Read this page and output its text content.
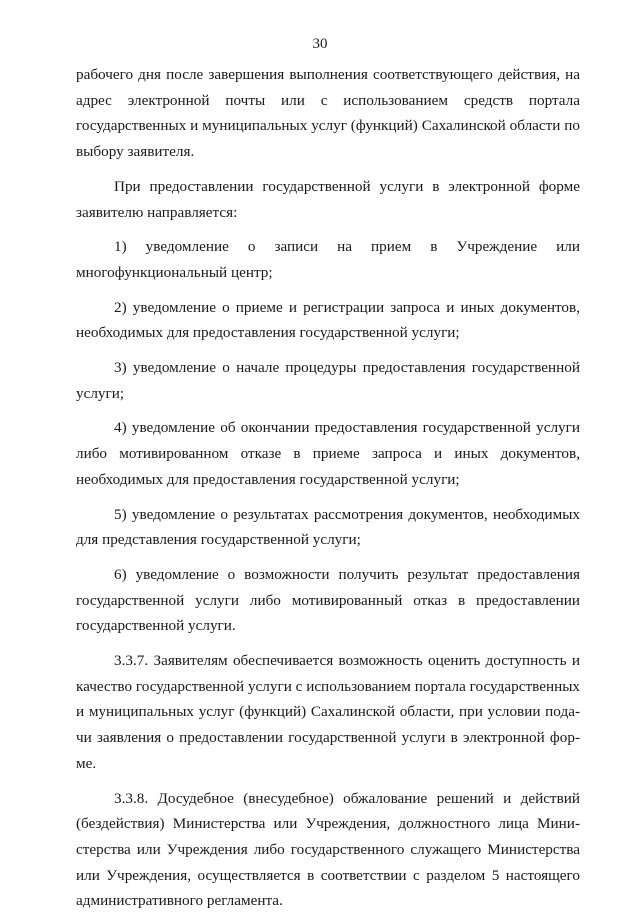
30

рабочего дня после завершения выполнения соответствующего действия, на адрес электронной почты или с использованием средств портала государственных и муниципальных услуг (функций) Сахалинской области по выбору заявителя.

При предоставлении государственной услуги в электронной форме заявителю направляется:

1) уведомление о записи на прием в Учреждение или многофункциональный центр;

2) уведомление о приеме и регистрации запроса и иных документов, необходимых для предоставления государственной услуги;

3) уведомление о начале процедуры предоставления государственной услуги;

4) уведомление об окончании предоставления государственной услуги либо мотивированном отказе в приеме запроса и иных документов, необходимых для предоставления государственной услуги;

5) уведомление о результатах рассмотрения документов, необходимых для представления государственной услуги;

6) уведомление о возможности получить результат предоставления государственной услуги либо мотивированный отказ в предоставлении государственной услуги.

3.3.7. Заявителям обеспечивается возможность оценить доступность и качество государственной услуги с использованием портала государственных и муниципальных услуг (функций) Сахалинской области, при условии подачи заявления о предоставлении государственной услуги в электронной форме.

3.3.8. Досудебное (внесудебное) обжалование решений и действий (бездействия) Министерства или Учреждения, должностного лица Министерства или Учреждения либо государственного служащего Министерства или Учреждения, осуществляется в соответствии с разделом 5 настоящего административного регламента.
